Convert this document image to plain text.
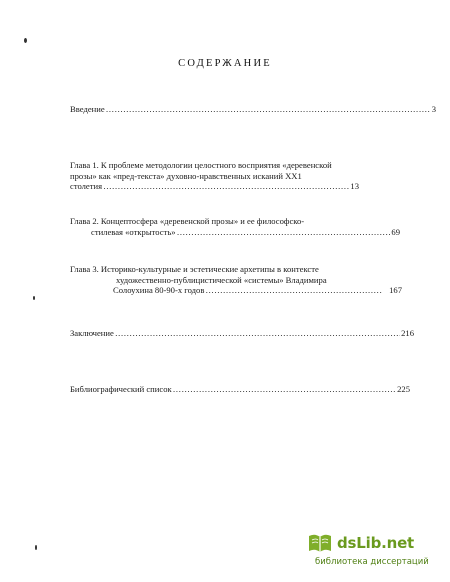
СОДЕРЖАНИЕ
Введение ……………………………………………………………………………………………………………………………………………………	3
Глава 1. К проблеме методологии целостного восприятия «деревенской
прозы» как «пред-текста» духовно-нравственных исканий XX1
столетия ……………………………………………………………………………………………………………………………………………………	13
Глава 2. Концептосфера «деревенской прозы» и ее философско-
стилевая «открытость» ……………………………………………………………………………………………………………………………………………………	69
Глава 3. Историко-культурные и эстетические архетипы в контексте
художественно-публицистической «системы» Владимира
Солоухина 80-90-х годов ……………………………………………………………………………………………………………………………………………………	167
Заключение ……………………………………………………………………………………………………………………………………………………	216
Библиографический список ……………………………………………………………………………………………………………………………………………………	225
dsLib.net
библиотека диссертаций
